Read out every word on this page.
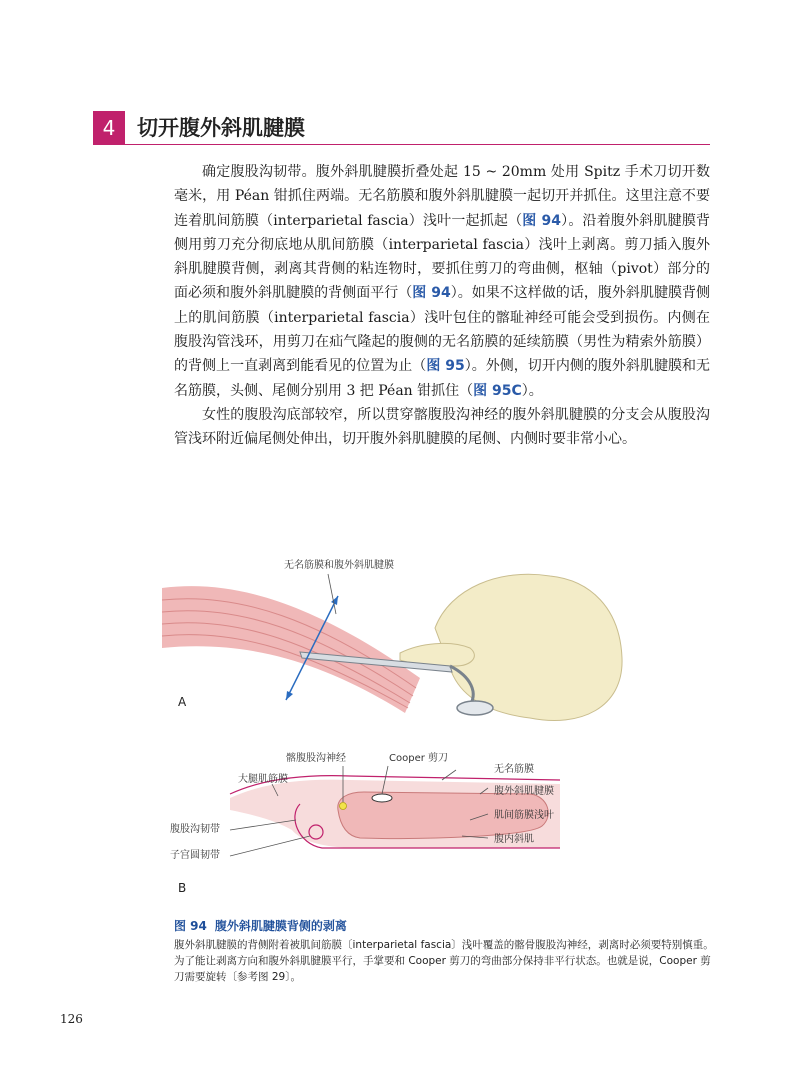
4	切开腹外斜肌腱膜

确定腹股沟韧带。腹外斜肌腱膜折叠处起 15 ~ 20mm 处用 Spitz 手术刀切开数毫米，用 Péan 钳抓住两端。无名筋膜和腹外斜肌腱膜一起切开并抓住。这里注意不要连着肌间筋膜（interparietal fascia）浅叶一起抓起（图 94）。沿着腹外斜肌腱膜背侧用剪刀充分彻底地从肌间筋膜（interparietal fascia）浅叶上剥离。剪刀插入腹外斜肌腱膜背侧，剥离其背侧的粘连物时，要抓住剪刀的弯曲侧，枢轴（pivot）部分的面必须和腹外斜肌腱膜的背侧面平行（图 94）。如果不这样做的话，腹外斜肌腱膜背侧上的肌间筋膜（interparietal fascia）浅叶包住的髂耻神经可能会受到损伤。内侧在腹股沟管浅环，用剪刀在疝气隆起的腹侧的无名筋膜的延续筋膜（男性为精索外筋膜）的背侧上一直剥离到能看见的位置为止（图 95）。外侧，切开内侧的腹外斜肌腱膜和无名筋膜，头侧、尾侧分别用 3 把 Péan 钳抓住（图 95C）。

女性的腹股沟底部较窄，所以贯穿髂腹股沟神经的腹外斜肌腱膜的分支会从腹股沟管浅环附近偏尾侧处伸出，切开腹外斜肌腱膜的尾侧、内侧时要非常小心。

无名筋膜和腹外斜肌腱膜
A
髂腹股沟神经	Cooper 剪刀
大腿肌筋膜
无名筋膜
腹外斜肌腱膜
肌间筋膜浅叶
腹股沟韧带
子宫圆韧带
腹内斜肌
B
图 94 腹外斜肌腱膜背侧的剥离

腹外斜肌腱膜的背侧附着被肌间筋膜〔interparietal fascia〕浅叶覆盖的髂骨腹股沟神经，剥离时必须要特别慎重。为了能让剥离方向和腹外斜肌腱膜平行，手掌要和 Cooper 剪刀的弯曲部分保持非平行状态。也就是说，Cooper 剪刀需要旋转〔参考图 29〕。

126
